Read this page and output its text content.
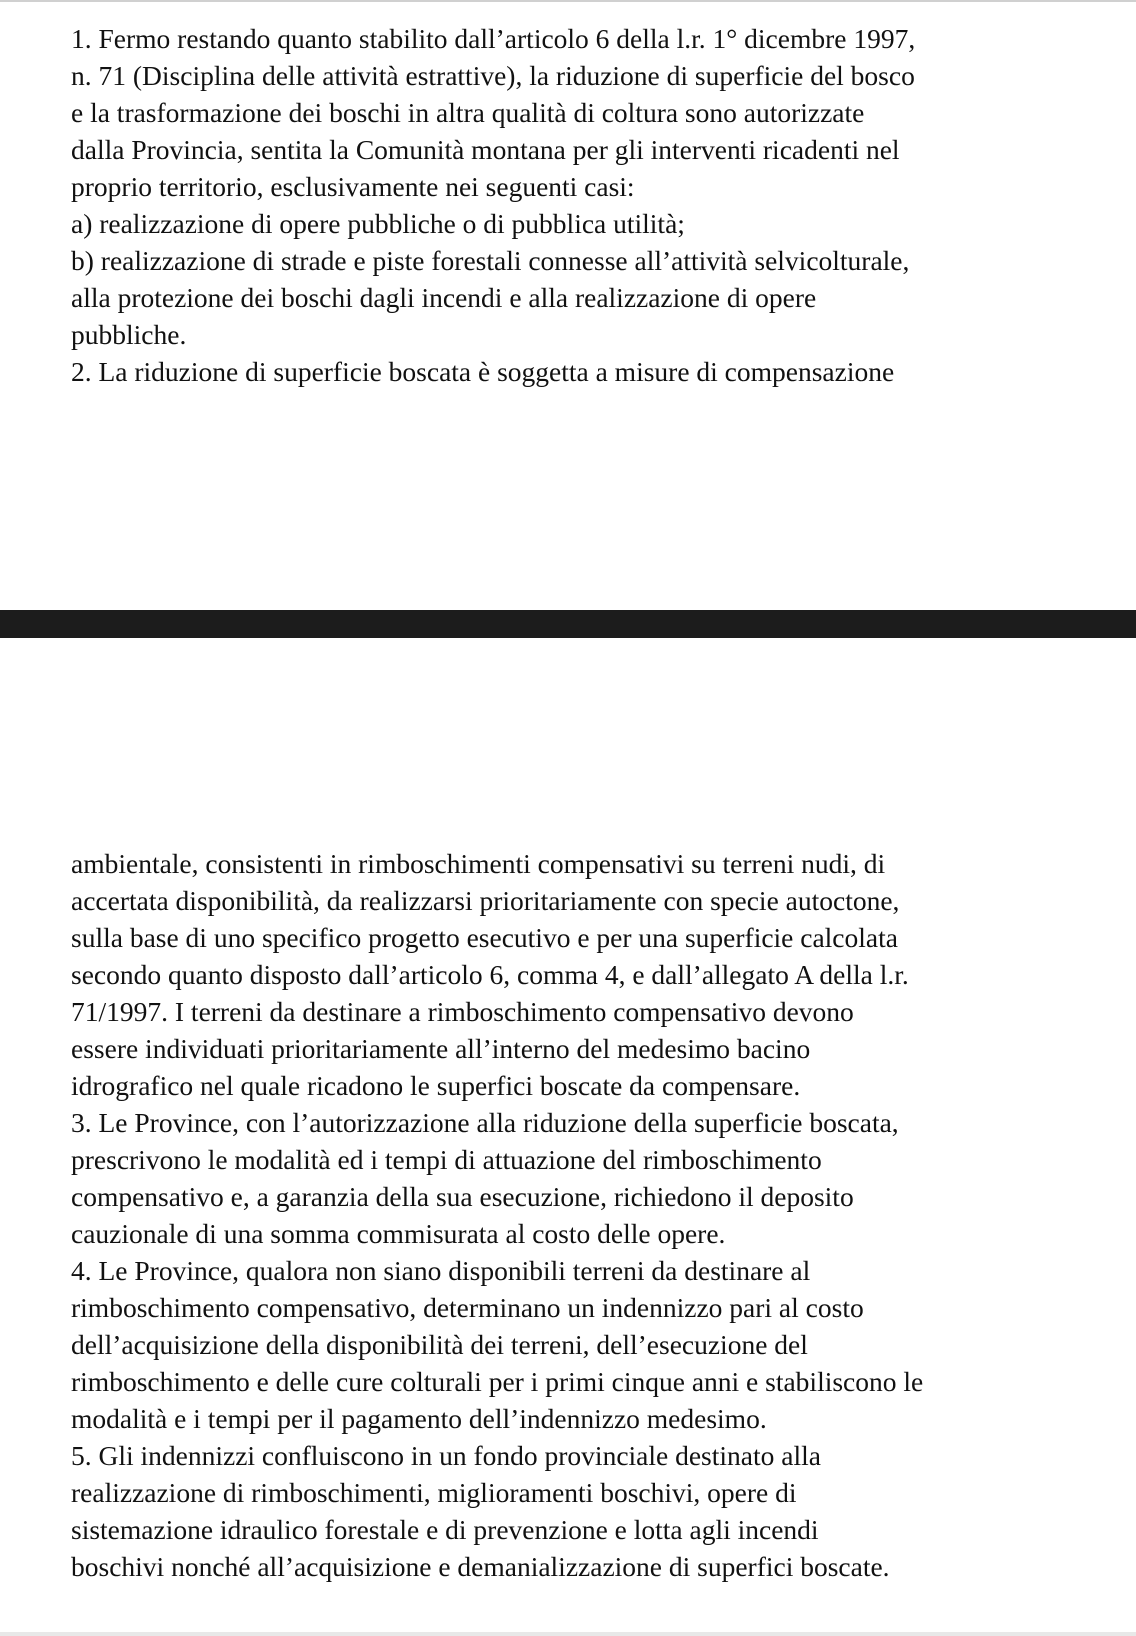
1. Fermo restando quanto stabilito dall’articolo 6 della l.r. 1° dicembre 1997,

n. 71 (Disciplina delle attività estrattive), la riduzione di superficie del bosco

e la trasformazione dei boschi in altra qualità di coltura sono autorizzate

dalla Provincia, sentita la Comunità montana per gli interventi ricadenti nel

proprio territorio, esclusivamente nei seguenti casi:

a) realizzazione di opere pubbliche o di pubblica utilità;

b) realizzazione di strade e piste forestali connesse all’attività selvicolturale,

alla protezione dei boschi dagli incendi e alla realizzazione di opere

pubbliche.

2. La riduzione di superficie boscata è soggetta a misure di compensazione

ambientale, consistenti in rimboschimenti compensativi su terreni nudi, di

accertata disponibilità, da realizzarsi prioritariamente con specie autoctone,

sulla base di uno specifico progetto esecutivo e per una superficie calcolata

secondo quanto disposto dall’articolo 6, comma 4, e dall’allegato A della l.r.

71/1997. I terreni da destinare a rimboschimento compensativo devono

essere individuati prioritariamente all’interno del medesimo bacino

idrografico nel quale ricadono le superfici boscate da compensare.

3. Le Province, con l’autorizzazione alla riduzione della superficie boscata,

prescrivono le modalità ed i tempi di attuazione del rimboschimento

compensativo e, a garanzia della sua esecuzione, richiedono il deposito

cauzionale di una somma commisurata al costo delle opere.

4. Le Province, qualora non siano disponibili terreni da destinare al

rimboschimento compensativo, determinano un indennizzo pari al costo

dell’acquisizione della disponibilità dei terreni, dell’esecuzione del

rimboschimento e delle cure colturali per i primi cinque anni e stabiliscono le

modalità e i tempi per il pagamento dell’indennizzo medesimo.

5. Gli indennizzi confluiscono in un fondo provinciale destinato alla

realizzazione di rimboschimenti, miglioramenti boschivi, opere di

sistemazione idraulico forestale e di prevenzione e lotta agli incendi

boschivi nonché all’acquisizione e demanializzazione di superfici boscate.
